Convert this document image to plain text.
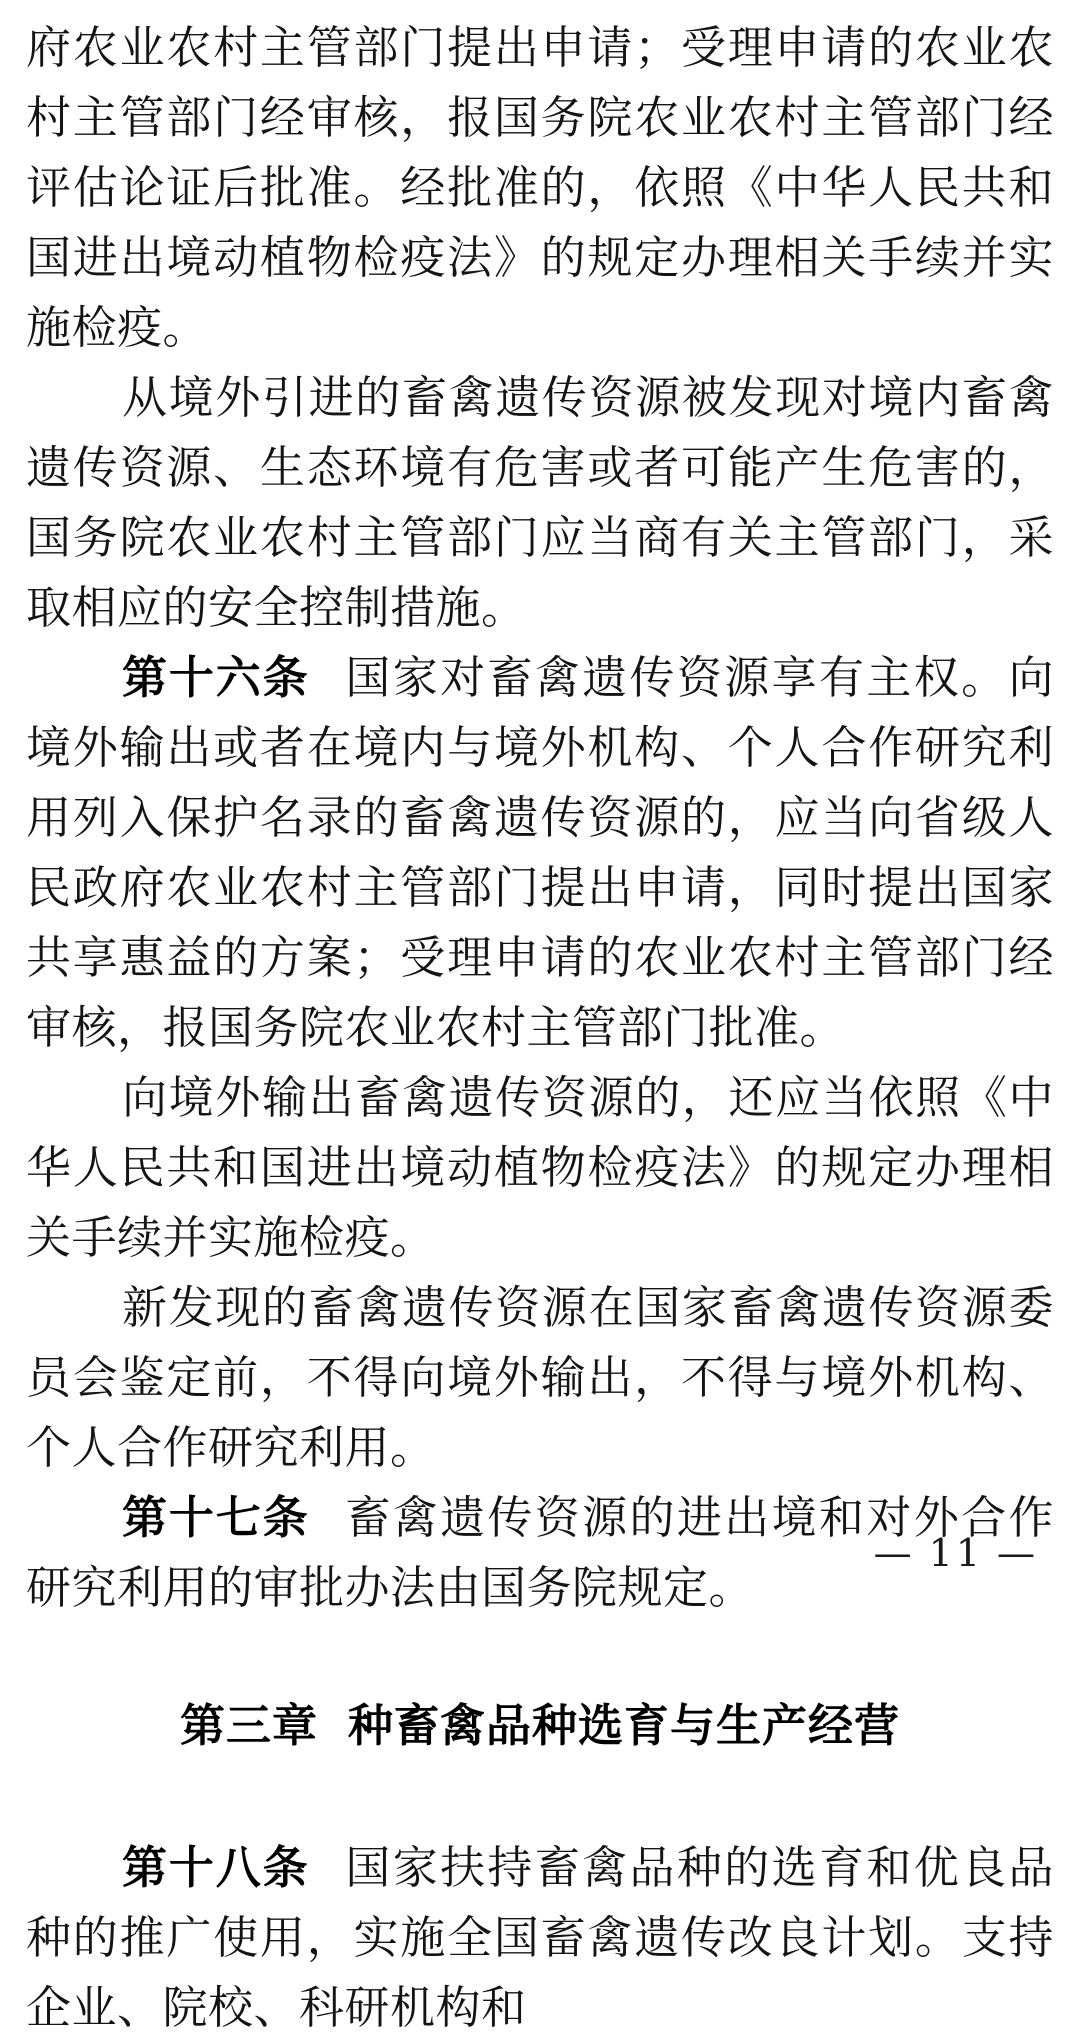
府农业农村主管部门提出申请；受理申请的农业农村主管部门经审核，报国务院农业农村主管部门经评估论证后批准。经批准的，依照《中华人民共和国进出境动植物检疫法》的规定办理相关手续并实施检疫。

从境外引进的畜禽遗传资源被发现对境内畜禽遗传资源、生态环境有危害或者可能产生危害的，国务院农业农村主管部门应当商有关主管部门，采取相应的安全控制措施。

第十六条 国家对畜禽遗传资源享有主权。向境外输出或者在境内与境外机构、个人合作研究利用列入保护名录的畜禽遗传资源的，应当向省级人民政府农业农村主管部门提出申请，同时提出国家共享惠益的方案；受理申请的农业农村主管部门经审核，报国务院农业农村主管部门批准。

向境外输出畜禽遗传资源的，还应当依照《中华人民共和国进出境动植物检疫法》的规定办理相关手续并实施检疫。

新发现的畜禽遗传资源在国家畜禽遗传资源委员会鉴定前，不得向境外输出，不得与境外机构、个人合作研究利用。

第十七条 畜禽遗传资源的进出境和对外合作研究利用的审批办法由国务院规定。

第三章 种畜禽品种选育与生产经营

第十八条 国家扶持畜禽品种的选育和优良品种的推广使用，实施全国畜禽遗传改良计划。支持企业、院校、科研机构和

— 11 —
